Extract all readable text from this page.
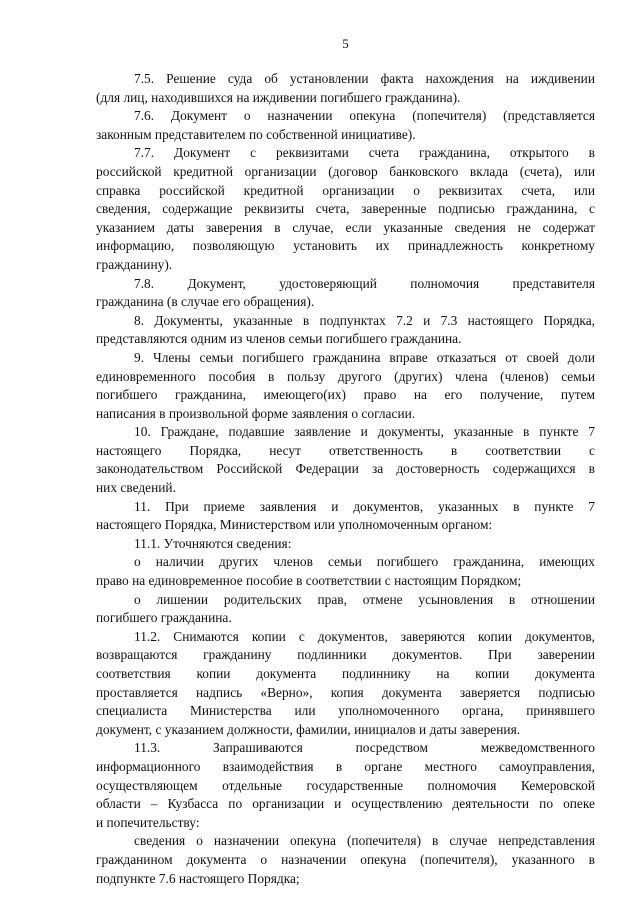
5

7.5. Решение суда об установлении факта нахождения на иждивении
(для лиц, находившихся на иждивении погибшего гражданина).

7.6. Документ о назначении опекуна (попечителя) (представляется
законным представителем по собственной инициативе).

7.7. Документ с реквизитами счета гражданина, открытого в
российской кредитной организации (договор банковского вклада (счета), или
справка российской кредитной организации о реквизитах счета, или
сведения, содержащие реквизиты счета, заверенные подписью гражданина, с
указанием даты заверения в случае, если указанные сведения не содержат
информацию, позволяющую установить их принадлежность конкретному
гражданину).

7.8. Документ, удостоверяющий полномочия представителя
гражданина (в случае его обращения).

8. Документы, указанные в подпунктах 7.2 и 7.3 настоящего Порядка,
представляются одним из членов семьи погибшего гражданина.

9. Члены семьи погибшего гражданина вправе отказаться от своей доли
единовременного пособия в пользу другого (других) члена (членов) семьи
погибшего гражданина, имеющего(их) право на его получение, путем
написания в произвольной форме заявления о согласии.

10. Граждане, подавшие заявление и документы, указанные в пункте 7
настоящего Порядка, несут ответственность в соответствии с
законодательством Российской Федерации за достоверность содержащихся в
них сведений.

11. При приеме заявления и документов, указанных в пункте 7
настоящего Порядка, Министерством или уполномоченным органом:

11.1. Уточняются сведения:

о наличии других членов семьи погибшего гражданина, имеющих
право на единовременное пособие в соответствии с настоящим Порядком;

о лишении родительских прав, отмене усыновления в отношении
погибшего гражданина.

11.2. Снимаются копии с документов, заверяются копии документов,
возвращаются гражданину подлинники документов. При заверении
соответствия копии документа подлиннику на копии документа
проставляется надпись «Верно», копия документа заверяется подписью
специалиста Министерства или уполномоченного органа, принявшего
документ, с указанием должности, фамилии, инициалов и даты заверения.

11.3. Запрашиваются посредством межведомственного
информационного взаимодействия в органе местного самоуправления,
осуществляющем отдельные государственные полномочия Кемеровской
области – Кузбасса по организации и осуществлению деятельности по опеке
и попечительству:

сведения о назначении опекуна (попечителя) в случае непредставления
гражданином документа о назначении опекуна (попечителя), указанного в
подпункте 7.6 настоящего Порядка;
